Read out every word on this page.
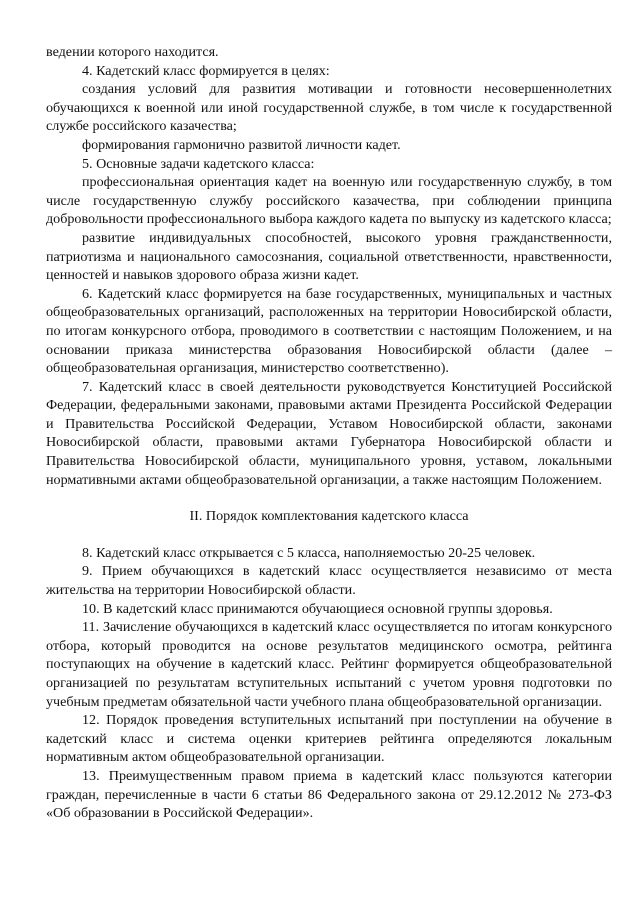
ведении которого находится.
4. Кадетский класс формируется в целях:
создания условий для развития мотивации и готовности несовершеннолетних обучающихся к военной или иной государственной службе, в том числе к государственной службе российского казачества;
формирования гармонично развитой личности кадет.
5. Основные задачи кадетского класса:
профессиональная ориентация кадет на военную или государственную службу, в том числе государственную службу российского казачества, при соблюдении принципа добровольности профессионального выбора каждого кадета по выпуску из кадетского класса;
развитие индивидуальных способностей, высокого уровня гражданственности, патриотизма и национального самосознания, социальной ответственности, нравственности, ценностей и навыков здорового образа жизни кадет.
6. Кадетский класс формируется на базе государственных, муниципальных и частных общеобразовательных организаций, расположенных на территории Новосибирской области, по итогам конкурсного отбора, проводимого в соответствии с настоящим Положением, и на основании приказа министерства образования Новосибирской области (далее – общеобразовательная организация, министерство соответственно).
7. Кадетский класс в своей деятельности руководствуется Конституцией Российской Федерации, федеральными законами, правовыми актами Президента Российской Федерации и Правительства Российской Федерации, Уставом Новосибирской области, законами Новосибирской области, правовыми актами Губернатора Новосибирской области и Правительства Новосибирской области, муниципального уровня, уставом, локальными нормативными актами общеобразовательной организации, а также настоящим Положением.
II. Порядок комплектования кадетского класса
8. Кадетский класс открывается с 5 класса, наполняемостью 20-25 человек.
9. Прием обучающихся в кадетский класс осуществляется независимо от места жительства на территории Новосибирской области.
10. В кадетский класс принимаются обучающиеся основной группы здоровья.
11. Зачисление обучающихся в кадетский класс осуществляется по итогам конкурсного отбора, который проводится на основе результатов медицинского осмотра, рейтинга поступающих на обучение в кадетский класс. Рейтинг формируется общеобразовательной организацией по результатам вступительных испытаний с учетом уровня подготовки по учебным предметам обязательной части учебного плана общеобразовательной организации.
12. Порядок проведения вступительных испытаний при поступлении на обучение в кадетский класс и система оценки критериев рейтинга определяются локальным нормативным актом общеобразовательной организации.
13. Преимущественным правом приема в кадетский класс пользуются категории граждан, перечисленные в части 6 статьи 86 Федерального закона от 29.12.2012 № 273-ФЗ «Об образовании в Российской Федерации».
